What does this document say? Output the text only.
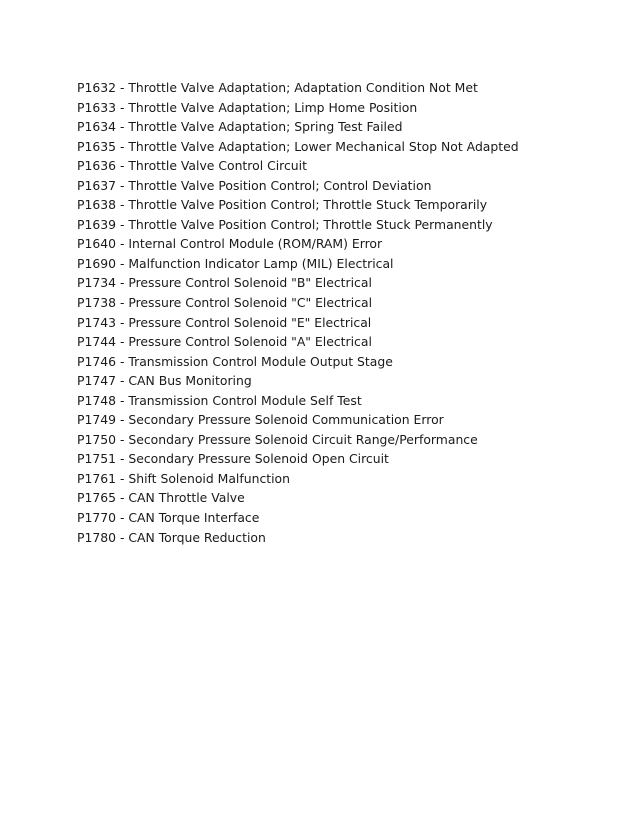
P1632 - Throttle Valve Adaptation; Adaptation Condition Not Met
P1633 - Throttle Valve Adaptation; Limp Home Position
P1634 - Throttle Valve Adaptation; Spring Test Failed
P1635 - Throttle Valve Adaptation; Lower Mechanical Stop Not Adapted
P1636 - Throttle Valve Control Circuit
P1637 - Throttle Valve Position Control; Control Deviation
P1638 - Throttle Valve Position Control; Throttle Stuck Temporarily
P1639 - Throttle Valve Position Control; Throttle Stuck Permanently
P1640 - Internal Control Module (ROM/RAM) Error
P1690 - Malfunction Indicator Lamp (MIL) Electrical
P1734 - Pressure Control Solenoid "B" Electrical
P1738 - Pressure Control Solenoid "C" Electrical
P1743 - Pressure Control Solenoid "E" Electrical
P1744 - Pressure Control Solenoid "A" Electrical
P1746 - Transmission Control Module Output Stage
P1747 - CAN Bus Monitoring
P1748 - Transmission Control Module Self Test
P1749 - Secondary Pressure Solenoid Communication Error
P1750 - Secondary Pressure Solenoid Circuit Range/Performance
P1751 - Secondary Pressure Solenoid Open Circuit
P1761 - Shift Solenoid Malfunction
P1765 - CAN Throttle Valve
P1770 - CAN Torque Interface
P1780 - CAN Torque Reduction
